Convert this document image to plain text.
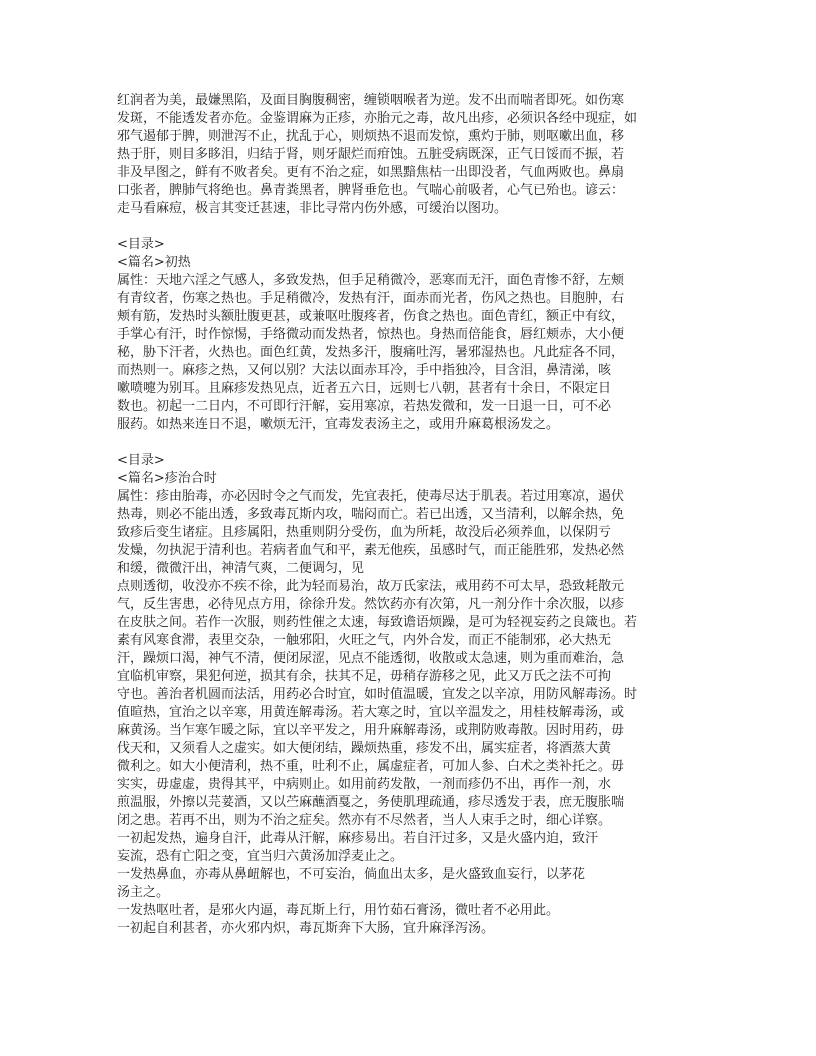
红润者为美，最嫌黑陷，及面目胸腹稠密，缠锁咽喉者为逆。发不出而喘者即死。如伤寒
发斑，不能透发者亦危。金鉴谓麻为正疹，亦胎元之毒，故凡出疹，必须识各经中现症，如
邪气遏郁于脾，则泄泻不止，扰乱于心，则烦热不退而发惊，熏灼于肺，则呕嗽出血，移
热于肝，则目多眵泪，归结于肾，则牙龈烂而疳蚀。五脏受病既深，正气日馁而不振，若
非及早图之，鲜有不败者矣。更有不治之症，如黑黯焦枯一出即没者，气血两败也。鼻扇
口张者，脾肺气将绝也。鼻青粪黑者，脾肾垂危也。气喘心前吸者，心气已殆也。谚云：
走马看麻痘，极言其变迁甚速，非比寻常内伤外感，可缓治以图功。
<目录>
<篇名>初热
属性：天地六淫之气感人，多致发热，但手足稍微冷，恶寒而无汗，面色青惨不舒，左颊
有青纹者，伤寒之热也。手足稍微冷，发热有汗，面赤而光者，伤风之热也。目胞肿，右
颊有筋，发热时头额肚腹更甚，或兼呕吐腹疼者，伤食之热也。面色青红，额正中有纹，
手掌心有汗，时作惊惕，手络微动而发热者，惊热也。身热而倍能食，唇红颊赤，大小便
秘，胁下汗者，火热也。面色红黄，发热多汗，腹痛吐泻，暑邪湿热也。凡此症各不同，
而热则一。麻疹之热，又何以别？大法以面赤耳冷，手中指独冷，目含泪，鼻清涕，咳
嗽喷嚏为别耳。且麻疹发热见点，近者五六日，远则七八朝，甚者有十余日，不限定日
数也。初起一二日内，不可即行汗解，妄用寒凉，若热发微和，发一日退一日，可不必
服药。如热来连日不退，嗽烦无汗，宜毒发表汤主之，或用升麻葛根汤发之。
<目录>
<篇名>疹治合时
属性：疹由胎毒，亦必因时令之气而发，先宜表托，使毒尽达于肌表。若过用寒凉，遏伏
热毒，则必不能出透，多致毒瓦斯内攻，喘闷而亡。若已出透，又当清利，以解余热，免
致疹后变生诸症。且疹属阳，热重则阴分受伤，血为所耗，故没后必须养血，以保阴亏
发燥，勿执泥于清利也。若病者血气和平，素无他疾，虽感时气，而正能胜邪，发热必然
和缓，微微汗出，神清气爽，二便调匀，见
点则透彻，收没亦不疾不徐，此为轻而易治，故万氏家法，戒用药不可太早，恐致耗散元
气，反生害患，必待见点方用，徐徐升发。然饮药亦有次第，凡一剂分作十余次服，以疹
在皮肤之间。若作一次服，则药性催之太速，每致谵语烦躁，是可为轻视妄药之良箴也。若
素有风寒食滞，表里交杂，一触邪阳，火旺之气，内外合发，而正不能制邪，必大热无
汗，躁烦口渴，神气不清，便闭尿涩，见点不能透彻，收散或太急速，则为重而难治，急
宜临机审察，果犯何逆，损其有余，扶其不足，毋稍存游移之见，此又万氏之法不可拘
守也。善治者机圆而法活，用药必合时宜，如时值温暖，宜发之以辛凉，用防风解毒汤。时
值暄热，宜治之以辛寒，用黄连解毒汤。若大寒之时，宜以辛温发之，用桂枝解毒汤，或
麻黄汤。当乍寒乍暖之际，宜以辛平发之，用升麻解毒汤，或荆防败毒散。因时用药，毋
伐天和，又须看人之虚实。如大便闭结，躁烦热重，疹发不出，属实症者，将酒蒸大黄
微利之。如大小便清利，热不重，吐利不止，属虚症者，可加人参、白术之类补托之。毋
实实，毋虚虚，贵得其平，中病则止。如用前药发散，一剂而疹仍不出，再作一剂，水
煎温服，外擦以芫荽酒，又以苎麻蘸酒戛之，务使肌理疏通，疹尽透发于表，庶无腹胀喘
闭之患。若再不出，则为不治之症矣。然亦有不尽然者，当人人束手之时，细心详察。
一初起发热，遍身自汗，此毒从汗解，麻疹易出。若自汗过多，又是火盛内迫，致汗
妄流，恐有亡阳之变，宜当归六黄汤加浮麦止之。
一发热鼻血，亦毒从鼻衄解也，不可妄治，倘血出太多，是火盛致血妄行，以茅花
汤主之。
一发热呕吐者，是邪火内逼，毒瓦斯上行，用竹茹石膏汤，微吐者不必用此。
一初起自利甚者，亦火邪内炽，毒瓦斯奔下大肠，宜升麻泽泻汤。
